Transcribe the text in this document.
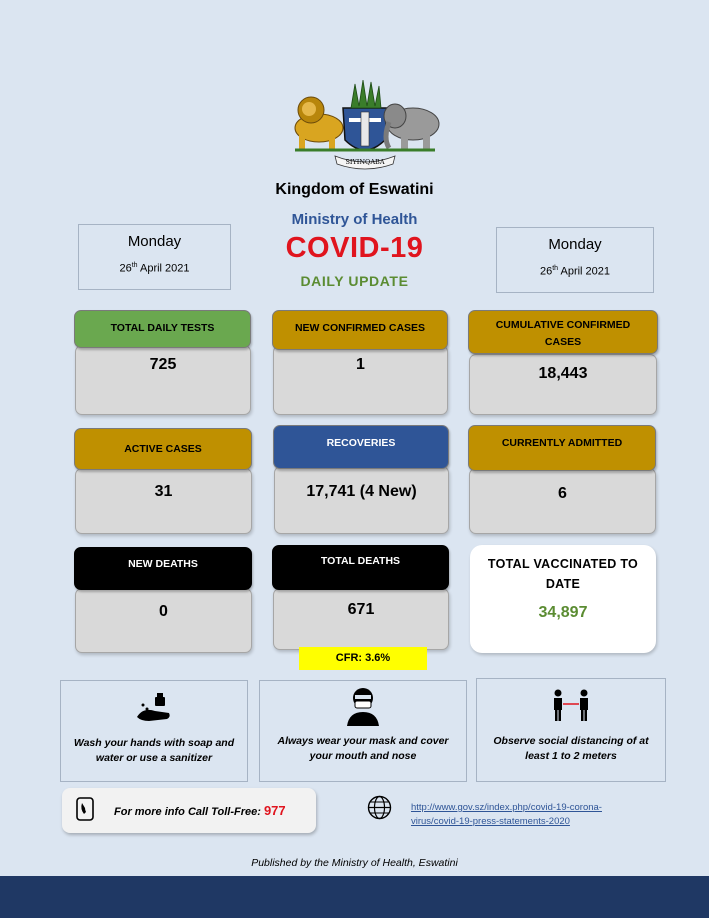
SIYINQABA
Kingdom of Eswatini
Ministry of Health
COVID-19
DAILY UPDATE
Monday
26th April 2021
Monday
26th April 2021
725
TOTAL DAILY TESTS
1
NEW CONFIRMED CASES
18,443
CUMULATIVE CONFIRMED CASES
31
ACTIVE CASES
17,741 (4 New)
RECOVERIES
6
CURRENTLY ADMITTED
0
NEW DEATHS
671
TOTAL DEATHS	TOTAL VACCINATED TO DATE
34,897
CFR: 3.6%
Wash your hands with soap and water or use a sanitizer
Always wear your mask and cover your mouth and nose
Observe social distancing of at least 1 to 2 meters
For more info Call Toll-Free: 977	http://www.gov.sz/index.php/covid-19-corona-virus/covid-19-press-statements-2020
Published by the Ministry of Health, Eswatini
